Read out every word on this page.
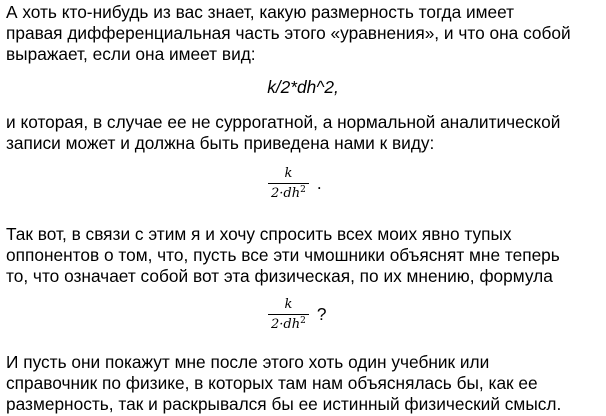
А хоть кто-нибудь из вас знает, какую размерность тогда имеет
правая дифференциальная часть этого «уравнения», и что она собой
выражает, если она имеет вид:

k/2*dh^2,

и которая, в случае ее не суррогатной, а нормальной аналитической
записи может и должна быть приведена нами к виду:

$\frac{k}{2\cdot dh^2}$ .

Так вот, в связи с этим я и хочу спросить всех моих явно тупых
оппонентов о том, что, пусть все эти чмошники объяснят мне теперь
то, что означает собой вот эта физическая, по их мнению, формула

$\frac{k}{2\cdot dh^2}$ ?

И пусть они покажут мне после этого хоть один учебник или
справочник по физике, в которых там нам объяснялась бы, как ее
размерность, так и раскрывался бы ее истинный физический смысл.
